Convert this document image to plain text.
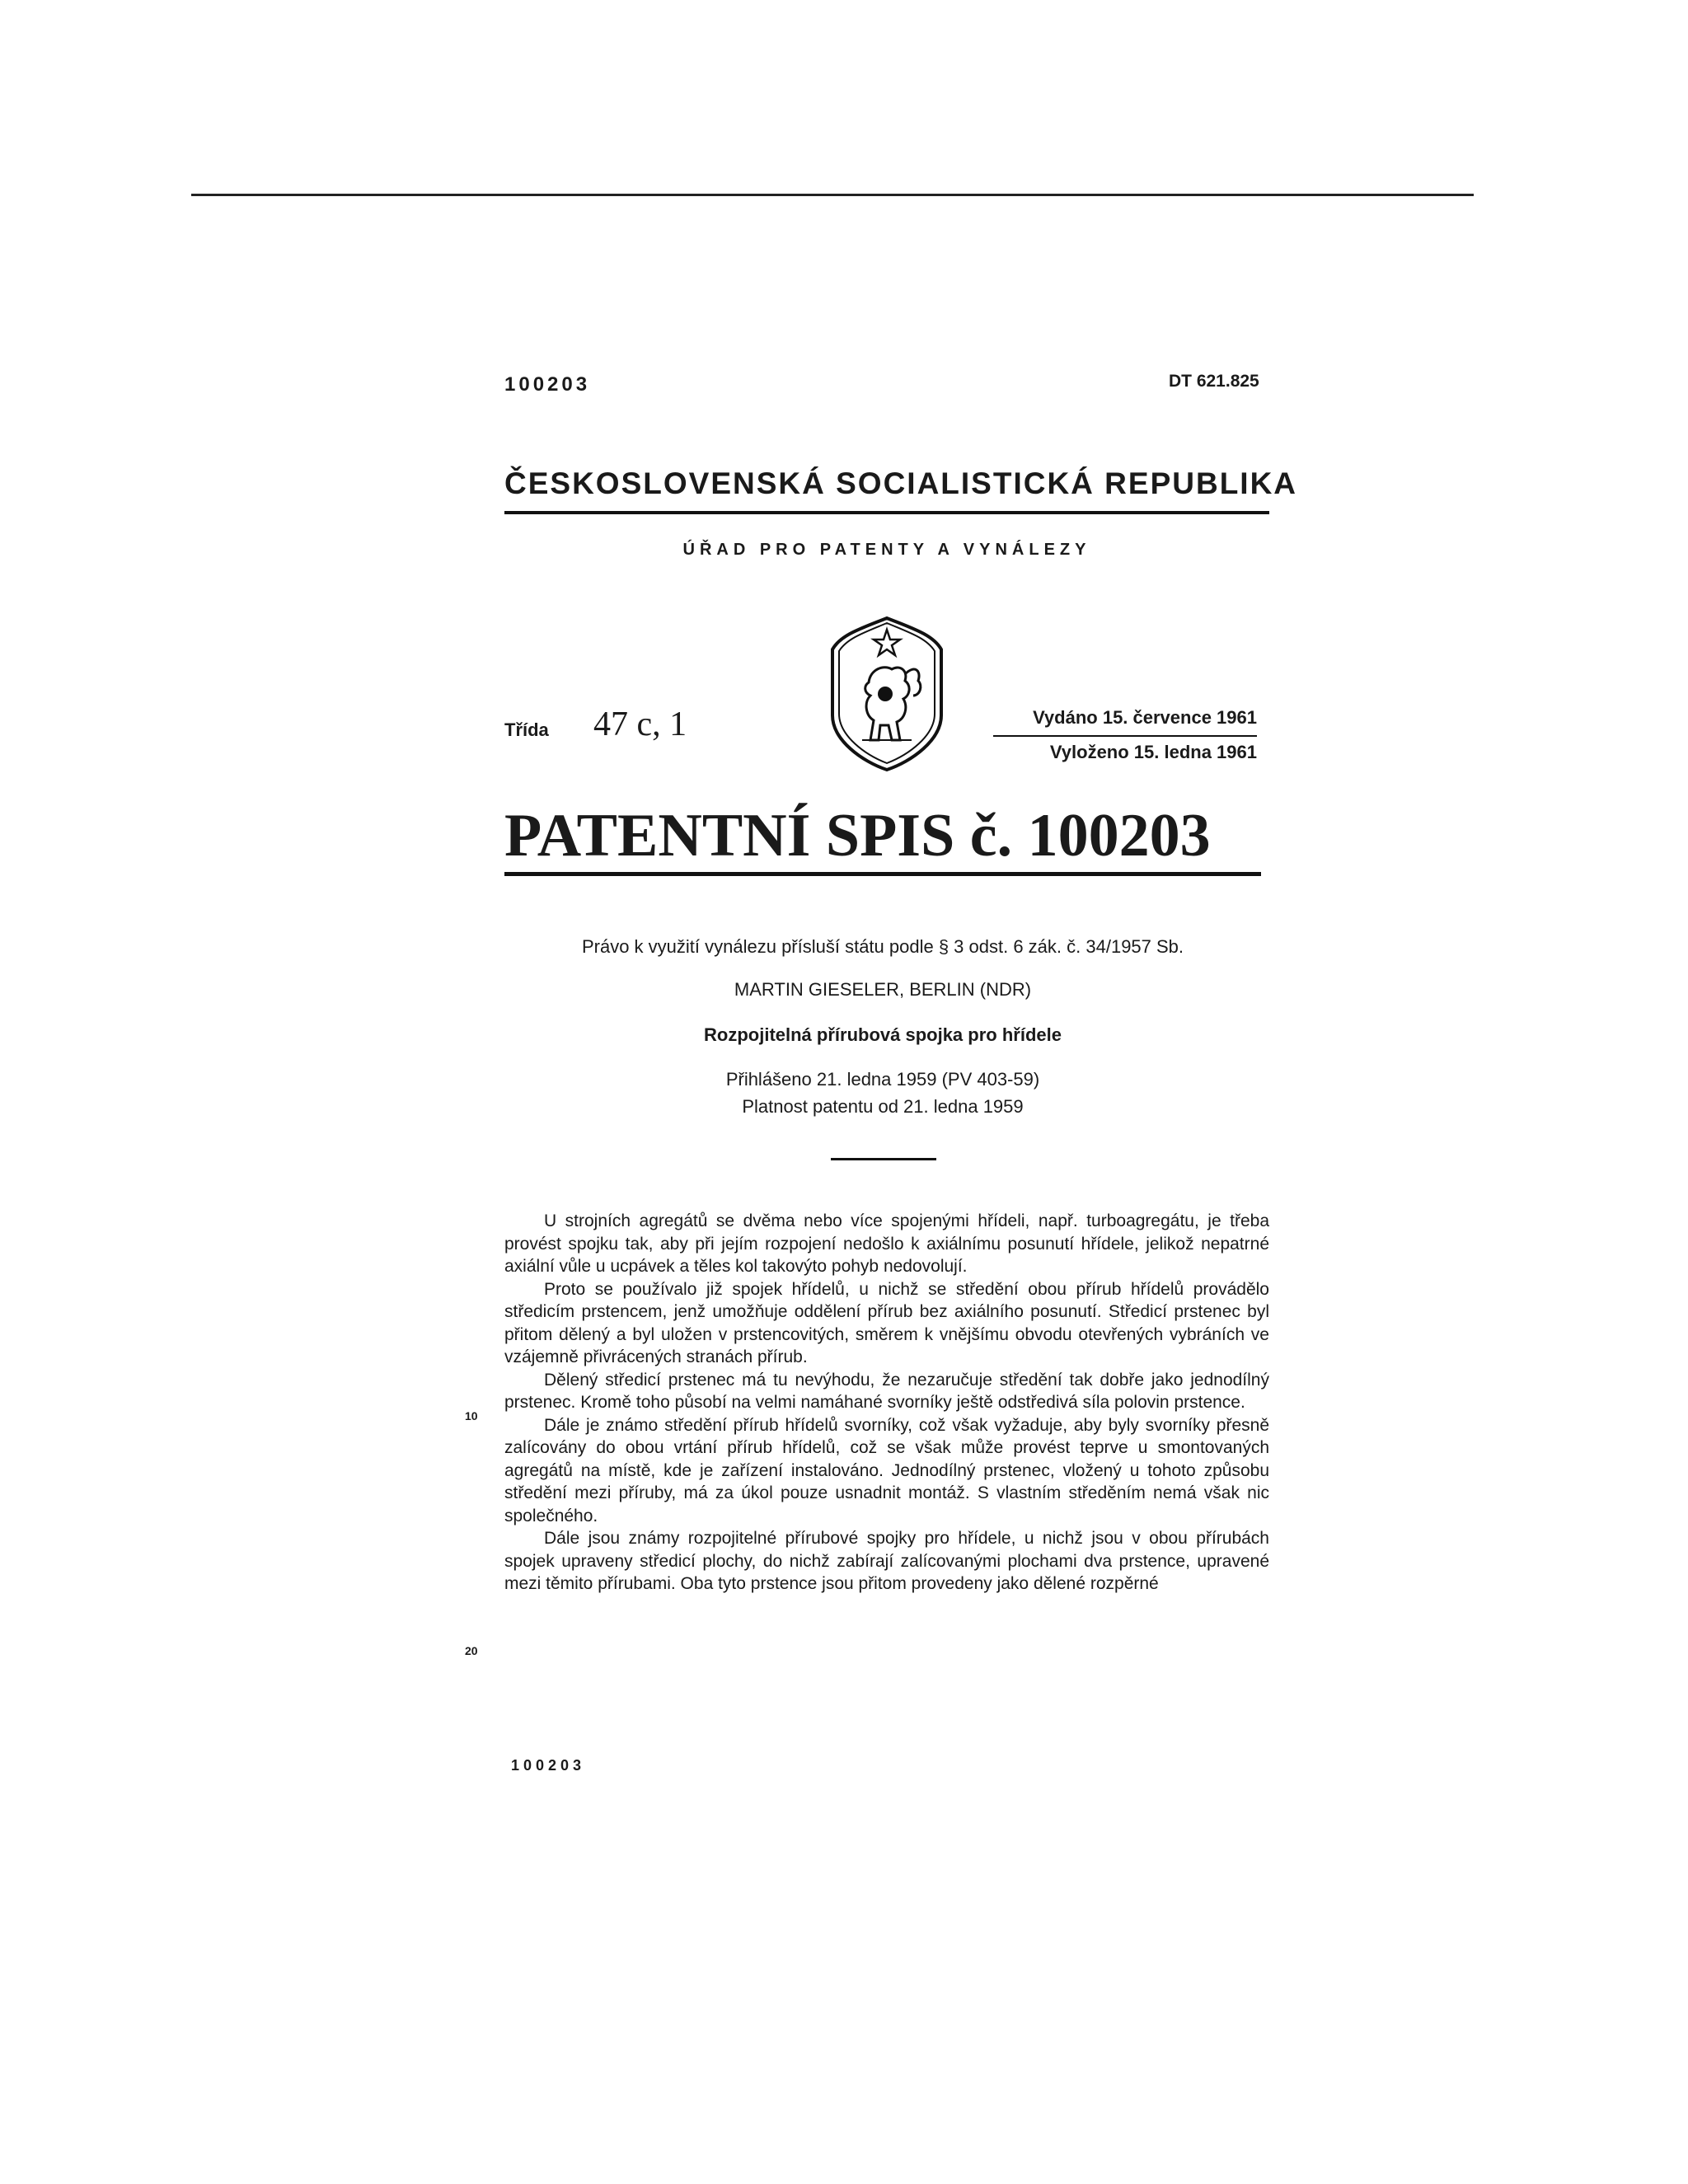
100203	DT 621.825
ČESKOSLOVENSKÁ SOCIALISTICKÁ REPUBLIKA
ÚŘAD PRO PATENTY A VYNÁLEZY
Třída 47 c, 1	Vydáno 15. července 1961
Vyloženo 15. ledna 1961
PATENTNÍ SPIS č. 100203
Právo k využití vynálezu přísluší státu podle § 3 odst. 6 zák. č. 34/1957 Sb.
MARTIN GIESELER, BERLIN (NDR)
Rozpojitelná přírubová spojka pro hřídele
Přihlášeno 21. ledna 1959 (PV 403-59)
Platnost patentu od 21. ledna 1959

U strojních agregátů se dvěma nebo více spojenými hřídeli, např. turboagregátu, je třeba provést spojku tak, aby při jejím rozpojení nedošlo k axiálnímu posunutí hřídele, jelikož nepatrné axiální vůle u ucpávek a těles kol takovýto pohyb nedovolují.

Proto se používalo již spojek hřídelů, u nichž se středění obou přírub hřídelů provádělo středicím prstencem, jenž umožňuje oddělení přírub bez axiálního posunutí. Středicí prstenec byl přitom dělený a byl uložen v prstencovitých, směrem k vnějšímu obvodu otevřených vybráních ve vzájemně přivrácených stranách přírub.

Dělený středicí prstenec má tu nevýhodu, že nezaručuje středění tak dobře jako jednodílný prstenec. Kromě toho působí na velmi namáhané svorníky ještě odstředivá síla polovin prstence.

Dále je známo středění přírub hřídelů svorníky, což však vyžaduje, aby byly svorníky přesně zalícovány do obou vrtání přírub hřídelů, což se však může provést teprve u smontovaných agregátů na místě, kde je zařízení instalováno. Jednodílný prstenec, vložený u tohoto způsobu středění mezi příruby, má za úkol pouze usnadnit montáž. S vlastním středěním nemá však nic společného.

Dále jsou známy rozpojitelné přírubové spojky pro hřídele, u nichž jsou v obou přírubách spojek upraveny středicí plochy, do nichž zabírají zalícovanými plochami dva prstence, upravené mezi těmito přírubami. Oba tyto prstence jsou přitom provedeny jako dělené rozpěrné

10
20
100203
